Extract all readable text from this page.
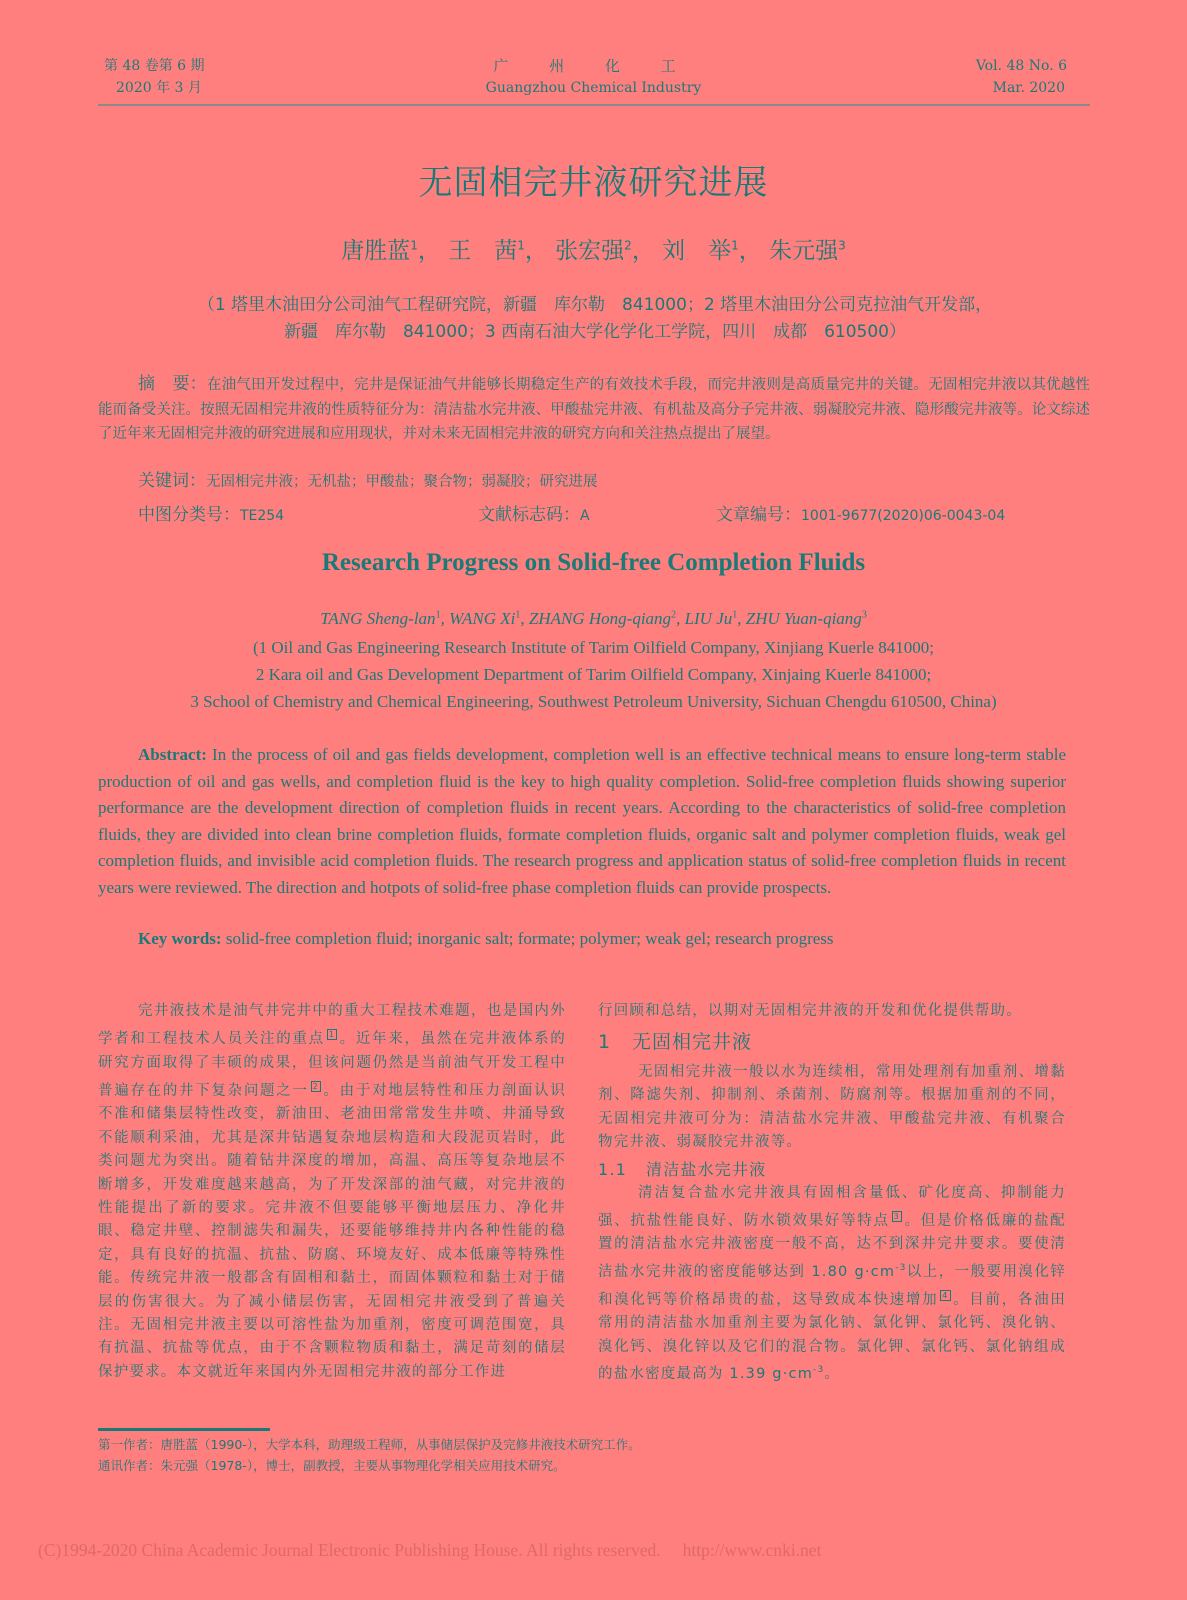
第 48 卷第 6 期
2020 年 3 月
广 州 化 工
Guangzhou Chemical Industry
Vol. 48 No. 6
Mar. 2020
无固相完井液研究进展
唐胜蓝$^1$， 王　茜$^1$， 张宏强$^2$， 刘　举$^1$， 朱元强$^3$
（1 塔里木油田分公司油气工程研究院，新疆　库尔勒　841000；2 塔里木油田分公司克拉油气开发部，
新疆　库尔勒　841000；3 西南石油大学化学化工学院，四川　成都　610500）
摘　要：在油气田开发过程中，完井是保证油气井能够长期稳定生产的有效技术手段，而完井液则是高质量完井的关键。无固相完井液以其优越性能而备受关注。按照无固相完井液的性质特征分为：清洁盐水完井液、甲酸盐完井液、有机盐及高分子完井液、弱凝胶完井液、隐形酸完井液等。论文综述了近年来无固相完井液的研究进展和应用现状，并对未来无固相完井液的研究方向和关注热点提出了展望。
关键词：无固相完井液；无机盐；甲酸盐；聚合物；弱凝胶；研究进展
中图分类号：TE254	文献标志码：A	文章编号：1001-9677(2020)06-0043-04
Research Progress on Solid-free Completion Fluids
TANG Sheng-lan$^1$, WANG Xi$^1$, ZHANG Hong-qiang$^2$, LIU Ju$^1$, ZHU Yuan-qiang$^3$
(1 Oil and Gas Engineering Research Institute of Tarim Oilfield Company, Xinjiang Kuerle 841000;
2 Kara oil and Gas Development Department of Tarim Oilfield Company, Xinjaing Kuerle 841000;
3 School of Chemistry and Chemical Engineering, Southwest Petroleum University, Sichuan Chengdu 610500, China)
Abstract: In the process of oil and gas fields development, completion well is an effective technical means to ensure long-term stable production of oil and gas wells, and completion fluid is the key to high quality completion. Solid-free completion fluids showing superior performance are the development direction of completion fluids in recent years. According to the characteristics of solid-free completion fluids, they are divided into clean brine completion fluids, formate completion fluids, organic salt and polymer completion fluids, weak gel completion fluids, and invisible acid completion fluids. The research progress and application status of solid-free completion fluids in recent years were reviewed. The direction and hotpots of solid-free phase completion fluids can provide prospects.
Key words: solid-free completion fluid; inorganic salt; formate; polymer; weak gel; research progress

完井液技术是油气井完井中的重大工程技术难题，也是国内外学者和工程技术人员关注的重点 $^1$ 。近年来，虽然在完井液体系的研究方面取得了丰硕的成果，但该问题仍然是当前油气开发工程中普遍存在的井下复杂问题之一 $^2$ 。由于对地层特性和压力剖面认识不准和储集层特性改变，新油田、老油田常常发生井喷、井涌导致不能顺利采油，尤其是深井钻遇复杂地层构造和大段泥页岩时，此类问题尤为突出。随着钻井深度的增加，高温、高压等复杂地层不断增多，开发难度越来越高，为了开发深部的油气藏，对完井液的性能提出了新的要求。完井液不但要能够平衡地层压力、净化井眼、稳定井壁、控制滤失和漏失，还要能够维持井内各种性能的稳定，具有良好的抗温、抗盐、防腐、环境友好、成本低廉等特殊性能。传统完井液一般都含有固相和黏土，而固体颗粒和黏土对于储层的伤害很大。为了减小储层伤害，无固相完井液受到了普遍关注。无固相完井液主要以可溶性盐为加重剂，密度可调范围宽，具有抗温、抗盐等优点，由于不含颗粒物质和黏土，满足苛刻的储层保护要求。本文就近年来国内外无固相完井液的部分工作进

行回顾和总结，以期对无固相完井液的开发和优化提供帮助。

1 无固相完井液

无固相完井液一般以水为连续相，常用处理剂有加重剂、增黏剂、降滤失剂、抑制剂、杀菌剂、防腐剂等。根据加重剂的不同，无固相完井液可分为：清洁盐水完井液、甲酸盐完井液、有机聚合物完井液、弱凝胶完井液等。

1.1 清洁盐水完井液

清洁复合盐水完井液具有固相含量低、矿化度高、抑制能力强、抗盐性能良好、防水锁效果好等特点 $^3$ 。但是价格低廉的盐配置的清洁盐水完井液密度一般不高，达不到深井完井要求。要使清洁盐水完井液的密度能够达到 1.80 $g\cdot cm^{-3}$以上，一般要用溴化锌和溴化钙等价格昂贵的盐，这导致成本快速增加 $^4$ 。目前，各油田常用的清洁盐水加重剂主要为氯化钠、氯化钾、氯化钙、溴化钠、溴化钙、溴化锌以及它们的混合物。氯化钾、氯化钙、氯化钠组成的盐水密度最高为 1.39 $g\cdot cm^{-3}$。

第一作者：唐胜蓝（1990-），大学本科，助理级工程师，从事储层保护及完修井液技术研究工作。
通讯作者：朱元强（1978-），博士，副教授，主要从事物理化学相关应用技术研究。
(C)1994-2020 China Academic Journal Electronic Publishing House. All rights reserved. http://www.cnki.net
